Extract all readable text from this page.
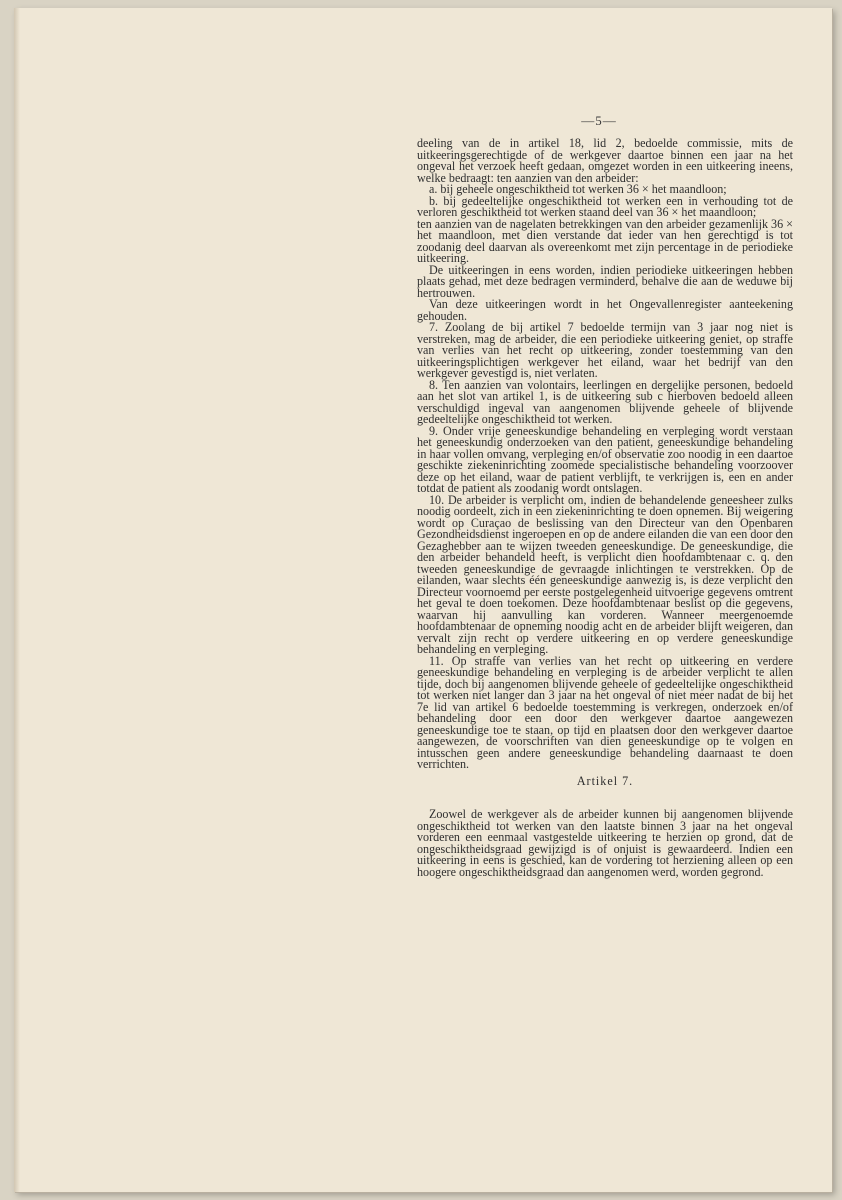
—5—

deeling van de in artikel 18, lid 2, bedoelde commissie, mits de uitkeeringsgerechtigde of de werkgever daartoe binnen een jaar na het ongeval het verzoek heeft gedaan, omgezet worden in een uitkeering ineens, welke bedraagt: ten aanzien van den arbeider:

a. bij geheele ongeschiktheid tot werken 36 × het maandloon;

b. bij gedeeltelijke ongeschiktheid tot werken een in verhouding tot de verloren geschiktheid tot werken staand deel van 36 × het maandloon;

ten aanzien van de nagelaten betrekkingen van den arbeider gezamenlijk 36 × het maandloon, met dien verstande dat ieder van hen gerechtigd is tot zoodanig deel daarvan als overeenkomt met zijn percentage in de periodieke uitkeering.

De uitkeeringen in eens worden, indien periodieke uitkeeringen hebben plaats gehad, met deze bedragen verminderd, behalve die aan de weduwe bij hertrouwen.

Van deze uitkeeringen wordt in het Ongevallenregister aanteekening gehouden.

7. Zoolang de bij artikel 7 bedoelde termijn van 3 jaar nog niet is verstreken, mag de arbeider, die een periodieke uitkeering geniet, op straffe van verlies van het recht op uitkeering, zonder toestemming van den uitkeeringsplichtigen werkgever het eiland, waar het bedrijf van den werkgever gevestigd is, niet verlaten.

8. Ten aanzien van volontairs, leerlingen en dergelijke personen, bedoeld aan het slot van artikel 1, is de uitkeering sub c hierboven bedoeld alleen verschuldigd ingeval van aangenomen blijvende geheele of blijvende gedeeltelijke ongeschiktheid tot werken.

9. Onder vrije geneeskundige behandeling en verpleging wordt verstaan het geneeskundig onderzoeken van den patient, geneeskundige behandeling in haar vollen omvang, verpleging en/of observatie zoo noodig in een daartoe geschikte ziekeninrichting zoomede specialistische behandeling voorzoover deze op het eiland, waar de patient verblijft, te verkrijgen is, een en ander totdat de patient als zoodanig wordt ontslagen.

10. De arbeider is verplicht om, indien de behandelende geneesheer zulks noodig oordeelt, zich in een ziekeninrichting te doen opnemen. Bij weigering wordt op Curaçao de beslissing van den Directeur van den Openbaren Gezondheidsdienst ingeroepen en op de andere eilanden die van een door den Gezaghebber aan te wijzen tweeden geneeskundige. De geneeskundige, die den arbeider behandeld heeft, is verplicht dien hoofdambtenaar c. q. den tweeden geneeskundige de gevraagde inlichtingen te verstrekken. Op de eilanden, waar slechts één geneeskundige aanwezig is, is deze verplicht den Directeur voornoemd per eerste postgelegenheid uitvoerige gegevens omtrent het geval te doen toekomen. Deze hoofdambtenaar beslist op die gegevens, waarvan hij aanvulling kan vorderen. Wanneer meergenoemde hoofdambtenaar de opneming noodig acht en de arbeider blijft weigeren, dan vervalt zijn recht op verdere uitkeering en op verdere geneeskundige behandeling en verpleging.

11. Op straffe van verlies van het recht op uitkeering en verdere geneeskundige behandeling en verpleging is de arbeider verplicht te allen tijde, doch bij aangenomen blijvende geheele of gedeeltelijke ongeschiktheid tot werken niet langer dan 3 jaar na het ongeval of niet meer nadat de bij het 7e lid van artikel 6 bedoelde toestemming is verkregen, onderzoek en/of behandeling door een door den werkgever daartoe aangewezen geneeskundige toe te staan, op tijd en plaatsen door den werkgever daartoe aangewezen, de voorschriften van dien geneeskundige op te volgen en intusschen geen andere geneeskundige behandeling daarnaast te doen verrichten.

Artikel 7.

Zoowel de werkgever als de arbeider kunnen bij aangenomen blijvende ongeschiktheid tot werken van den laatste binnen 3 jaar na het ongeval vorderen een eenmaal vastgestelde uitkeering te herzien op grond, dat de ongeschiktheidsgraad gewijzigd is of onjuist is gewaardeerd. Indien een uitkeering in eens is geschied, kan de vordering tot herziening alleen op een hoogere ongeschiktheidsgraad dan aangenomen werd, worden gegrond.
